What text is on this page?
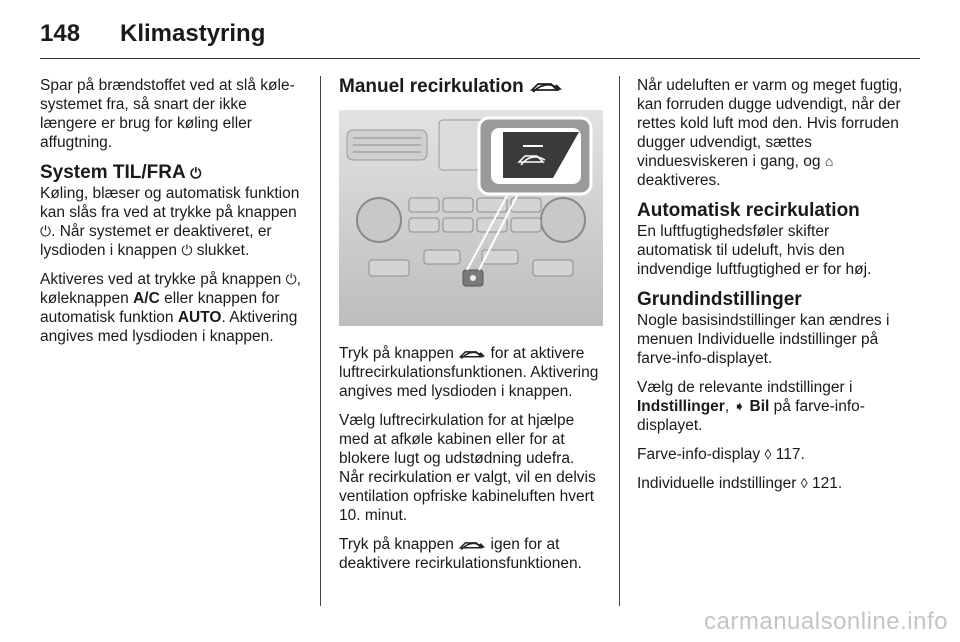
148 Klimastyring

Spar på brændstoffet ved at slå køle-systemet fra, så snart der ikke længere er brug for køling eller affugtning.

System TIL/FRA ⏻

Køling, blæser og automatisk funktion kan slås fra ved at trykke på knappen ⏻. Når systemet er deaktiveret, er lysdioden i knappen ⏻ slukket.

Aktiveres ved at trykke på knappen ⏻, køleknappen A/C eller knappen for automatisk funktion AUTO. Aktivering angives med lysdioden i knappen.

Manuel recirkulation

Tryk på knappen for at aktivere luftrecirkulationsfunktionen. Aktivering angives med lysdioden i knappen.

Vælg luftrecirkulation for at hjælpe med at afkøle kabinen eller for at blokere lugt og udstødning udefra. Når recirkulation er valgt, vil en delvis ventilation opfriske kabineluften hvert 10. minut.

Tryk på knappen igen for at deaktivere recirkulationsfunktionen.

Når udeluften er varm og meget fugtig, kan forruden dugge udvendigt, når der rettes kold luft mod den. Hvis forruden dugger udvendigt, sættes vinduesviskeren i gang, og ⌂ deaktiveres.

Automatisk recirkulation

En luftfugtighedsføler skifter automatisk til udeluft, hvis den indvendige luftfugtighed er for høj.

Grundindstillinger

Nogle basisindstillinger kan ændres i menuen Individuelle indstillinger på farve-info-displayet.

Vælg de relevante indstillinger i Indstillinger, ➧ Bil på farve-info-displayet.

Farve-info-display ◊ 117.

Individuelle indstillinger ◊ 121.

carmanualsonline.info
